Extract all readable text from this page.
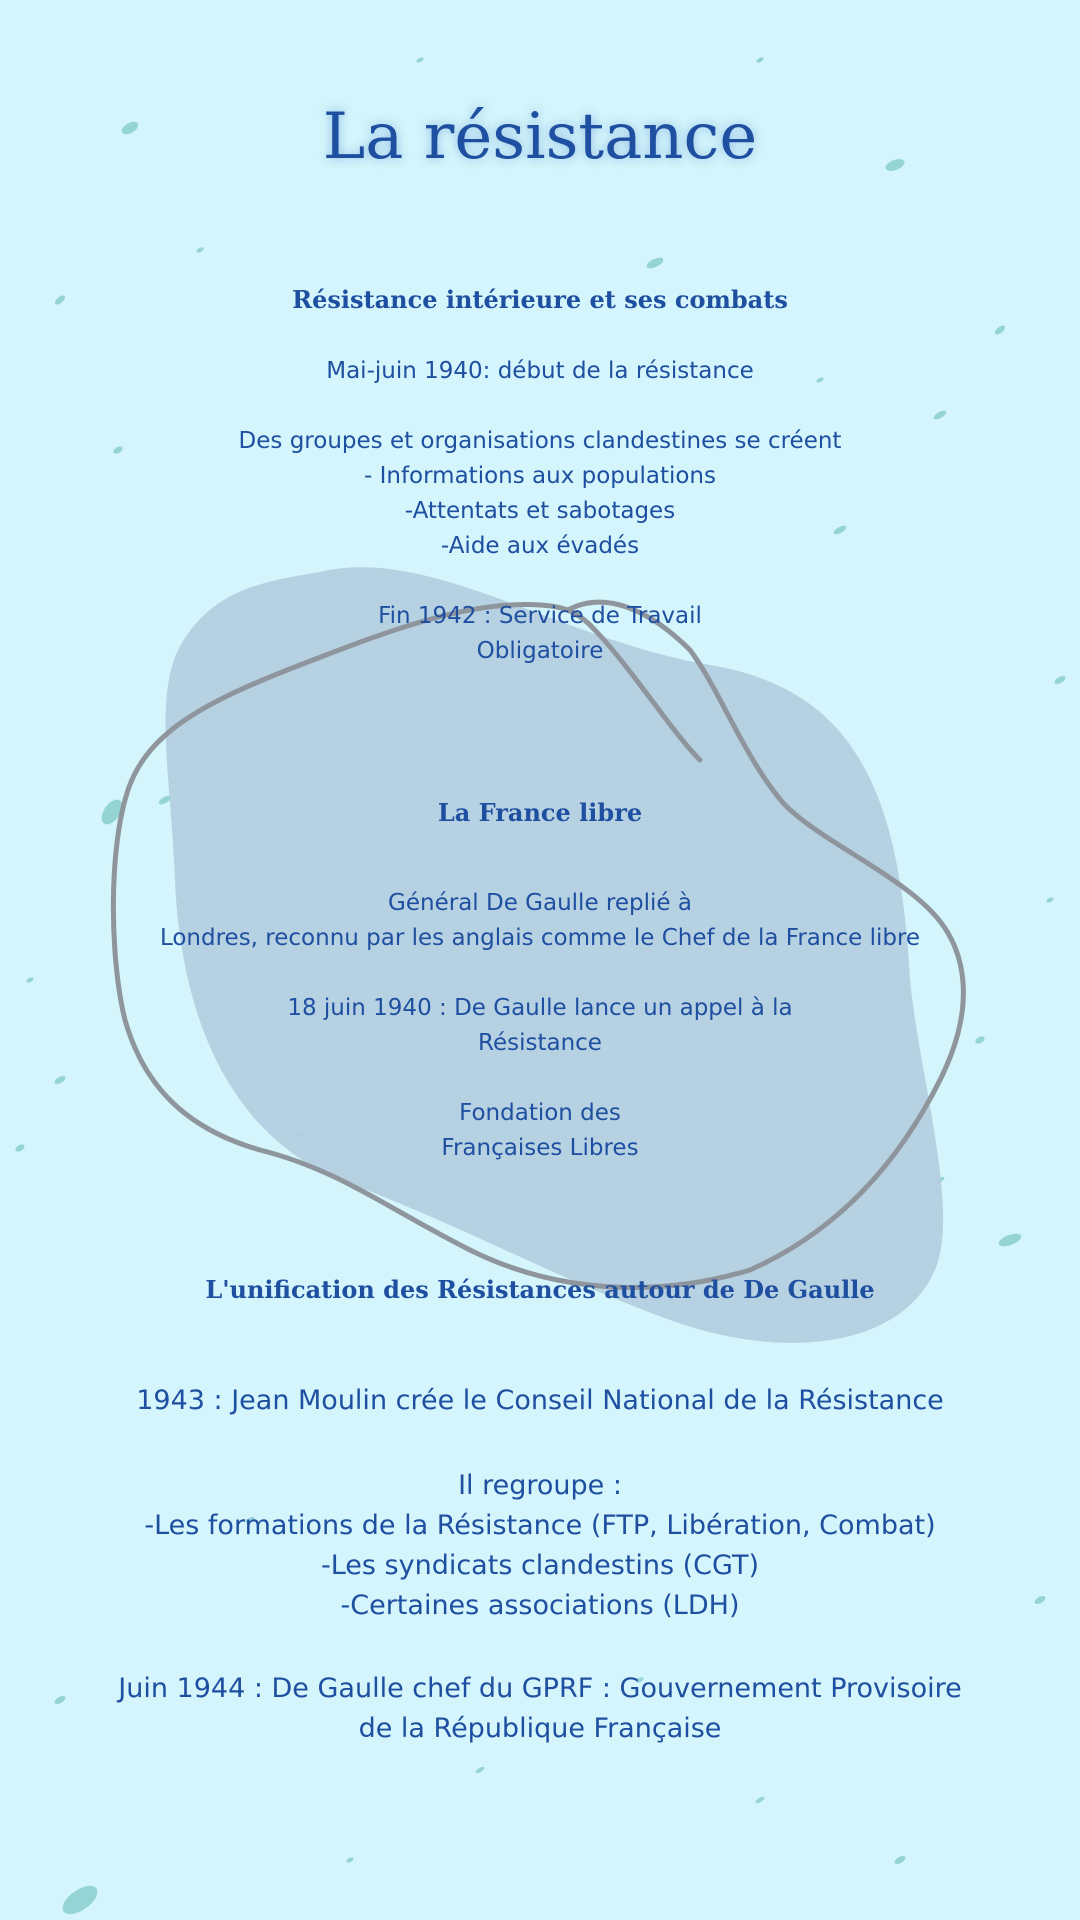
La résistance
Résistance intérieure et ses combats
Mai-juin 1940: début de la résistance
Des groupes et organisations clandestines se créent
- Informations aux populations
-Attentats et sabotages
-Aide aux évadés
Fin 1942 : Service de Travail
Obligatoire
La France libre
Général De Gaulle replié à
Londres, reconnu par les anglais comme le Chef de la France libre
18 juin 1940 : De Gaulle lance un appel à la
Résistance
Fondation des
Françaises Libres
L'unification des Résistances autour de De Gaulle
1943 : Jean Moulin crée le Conseil National de la Résistance
Il regroupe :
-Les formations de la Résistance (FTP, Libération, Combat)
-Les syndicats clandestins (CGT)
-Certaines associations (LDH)
Juin 1944 : De Gaulle chef du GPRF : Gouvernement Provisoire
de la République Française
